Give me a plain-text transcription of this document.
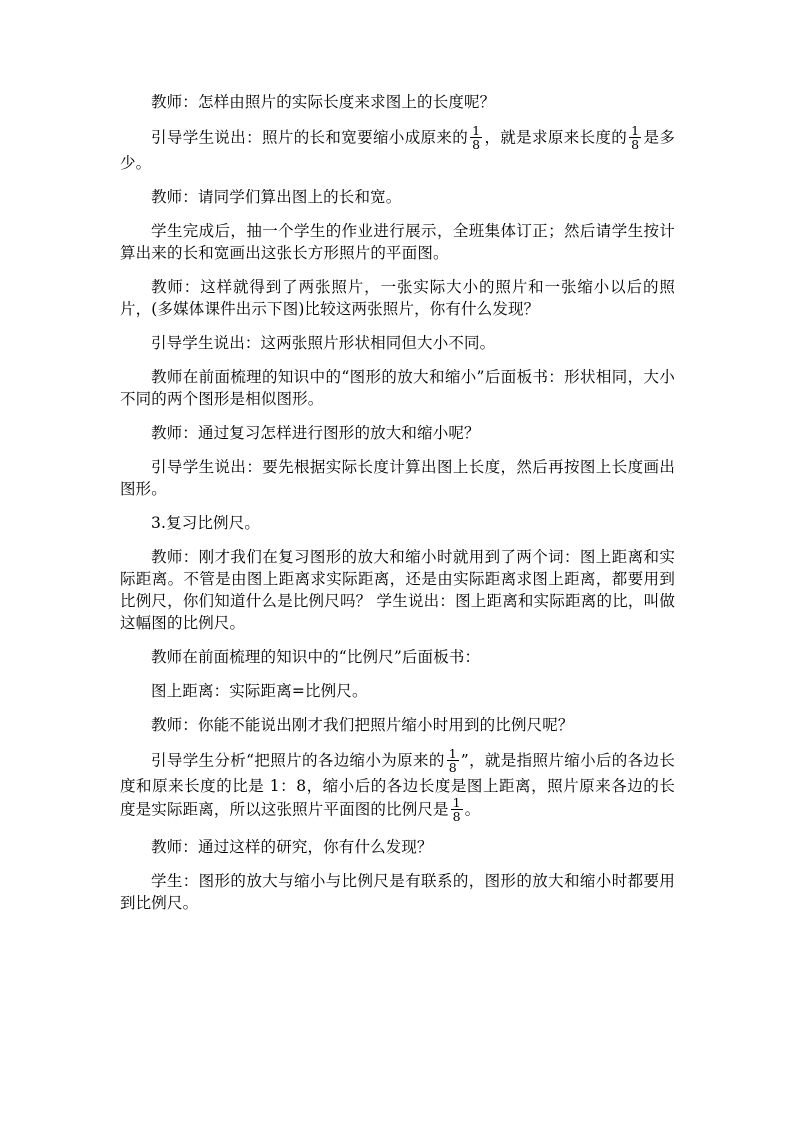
教师：怎样由照片的实际长度来求图上的长度呢？

引导学生说出：照片的长和宽要缩小成原来的 $\frac{1}{8}$ ，就是求原来长度的 $\frac{1}{8}$ 是多少。

教师：请同学们算出图上的长和宽。

学生完成后，抽一个学生的作业进行展示，全班集体订正；然后请学生按计算出来的长和宽画出这张长方形照片的平面图。

教师：这样就得到了两张照片，一张实际大小的照片和一张缩小以后的照片，(多媒体课件出示下图)比较这两张照片，你有什么发现？

引导学生说出：这两张照片形状相同但大小不同。

教师在前面梳理的知识中的“图形的放大和缩小”后面板书：形状相同，大小不同的两个图形是相似图形。

教师：通过复习怎样进行图形的放大和缩小呢？

引导学生说出：要先根据实际长度计算出图上长度，然后再按图上长度画出图形。

3.复习比例尺。

教师：刚才我们在复习图形的放大和缩小时就用到了两个词：图上距离和实际距离。不管是由图上距离求实际距离，还是由实际距离求图上距离，都要用到比例尺，你们知道什么是比例尺吗？ 学生说出：图上距离和实际距离的比，叫做这幅图的比例尺。

教师在前面梳理的知识中的“比例尺”后面板书：

图上距离：实际距离=比例尺。

教师：你能不能说出刚才我们把照片缩小时用到的比例尺呢？

引导学生分析“把照片的各边缩小为原来的 $\frac{1}{8}$ ”，就是指照片缩小后的各边长度和原来长度的比是 1：8，缩小后的各边长度是图上距离，照片原来各边的长度是实际距离，所以这张照片平面图的比例尺是 $\frac{1}{8}$ 。

教师：通过这样的研究，你有什么发现？

学生：图形的放大与缩小与比例尺是有联系的，图形的放大和缩小时都要用到比例尺。
